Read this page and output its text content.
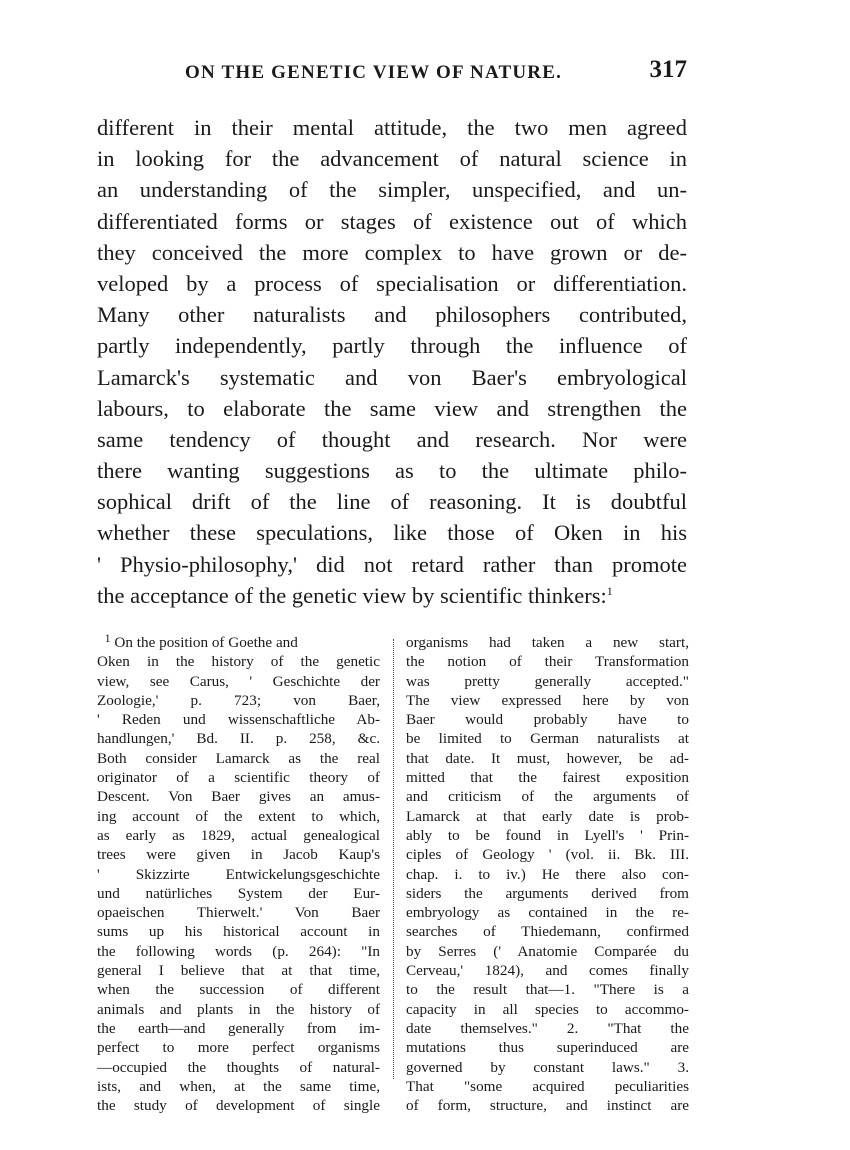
ON THE GENETIC VIEW OF NATURE.	317
different in their mental attitude, the two men agreed
in looking for the advancement of natural science in
an understanding of the simpler, unspecified, and un-
differentiated forms or stages of existence out of which
they conceived the more complex to have grown or de-
veloped by a process of specialisation or differentiation.
Many other naturalists and philosophers contributed,
partly independently, partly through the influence of
Lamarck's systematic and von Baer's embryological
labours, to elaborate the same view and strengthen the
same tendency of thought and research. Nor were
there wanting suggestions as to the ultimate philo-
sophical drift of the line of reasoning. It is doubtful
whether these speculations, like those of Oken in his
' Physio-philosophy,' did not retard rather than promote
the acceptance of the genetic view by scientific thinkers:$^1$
$^1$ On the position of Goethe and
Oken in the history of the genetic
view, see Carus, ' Geschichte der
Zoologie,' p. 723; von Baer,
' Reden und wissenschaftliche Ab-
handlungen,' Bd. II. p. 258, &c.
Both consider Lamarck as the real
originator of a scientific theory of
Descent. Von Baer gives an amus-
ing account of the extent to which,
as early as 1829, actual genealogical
trees were given in Jacob Kaup's
' Skizzirte Entwickelungsgeschichte
und natürliches System der Eur-
opaeischen Thierwelt.' Von Baer
sums up his historical account in
the following words (p. 264): "In
general I believe that at that time,
when the succession of different
animals and plants in the history of
the earth—and generally from im-
perfect to more perfect organisms
—occupied the thoughts of natural-
ists, and when, at the same time,
the study of development of single
organisms had taken a new start,
the notion of their Transformation
was pretty generally accepted."
The view expressed here by von
Baer would probably have to
be limited to German naturalists at
that date. It must, however, be ad-
mitted that the fairest exposition
and criticism of the arguments of
Lamarck at that early date is prob-
ably to be found in Lyell's ' Prin-
ciples of Geology ' (vol. ii. Bk. III.
chap. i. to iv.) He there also con-
siders the arguments derived from
embryology as contained in the re-
searches of Thiedemann, confirmed
by Serres (' Anatomie Comparée du
Cerveau,' 1824), and comes finally
to the result that—1. "There is a
capacity in all species to accommo-
date themselves." 2. "That the
mutations thus superinduced are
governed by constant laws." 3.
That "some acquired peculiarities
of form, structure, and instinct are
